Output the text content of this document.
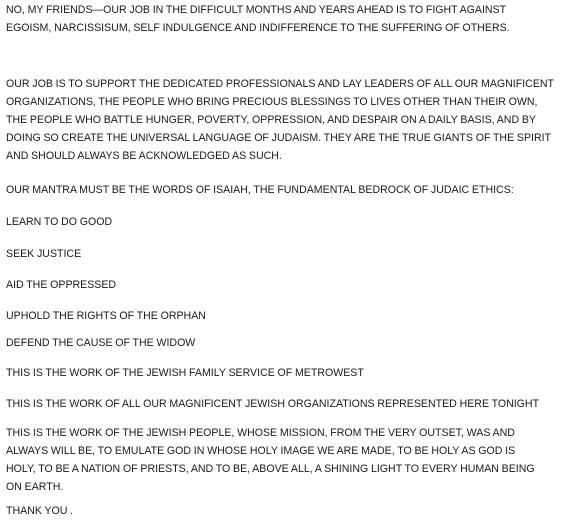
NO, MY FRIENDS—OUR JOB IN THE DIFFICULT MONTHS AND YEARS AHEAD IS TO FIGHT AGAINST
EGOISM, NARCISSISUM, SELF INDULGENCE AND INDIFFERENCE TO THE SUFFERING OF OTHERS.

OUR JOB IS TO SUPPORT THE DEDICATED PROFESSIONALS AND LAY LEADERS OF ALL OUR MAGNIFICENT
ORGANIZATIONS, THE PEOPLE WHO BRING PRECIOUS BLESSINGS TO LIVES OTHER THAN THEIR OWN,
THE PEOPLE WHO BATTLE HUNGER, POVERTY, OPPRESSION, AND DESPAIR ON A DAILY BASIS, AND BY
DOING SO CREATE THE UNIVERSAL LANGUAGE OF JUDAISM. THEY ARE THE TRUE GIANTS OF THE SPIRIT
AND SHOULD ALWAYS BE ACKNOWLEDGED AS SUCH.

OUR MANTRA MUST BE THE WORDS OF ISAIAH, THE FUNDAMENTAL BEDROCK OF JUDAIC ETHICS:

LEARN TO DO GOOD

SEEK JUSTICE

AID THE OPPRESSED

UPHOLD THE RIGHTS OF THE ORPHAN

DEFEND THE CAUSE OF THE WIDOW

THIS IS THE WORK OF THE JEWISH FAMILY SERVICE OF METROWEST

THIS IS THE WORK OF ALL OUR MAGNIFICENT JEWISH ORGANIZATIONS REPRESENTED HERE TONIGHT

THIS IS THE WORK OF THE JEWISH PEOPLE, WHOSE MISSION, FROM THE VERY OUTSET, WAS AND
ALWAYS WILL BE, TO EMULATE GOD IN WHOSE HOLY IMAGE WE ARE MADE, TO BE HOLY AS GOD IS
HOLY, TO BE A NATION OF PRIESTS, AND TO BE, ABOVE ALL, A SHINING LIGHT TO EVERY HUMAN BEING
ON EARTH.

THANK YOU .
